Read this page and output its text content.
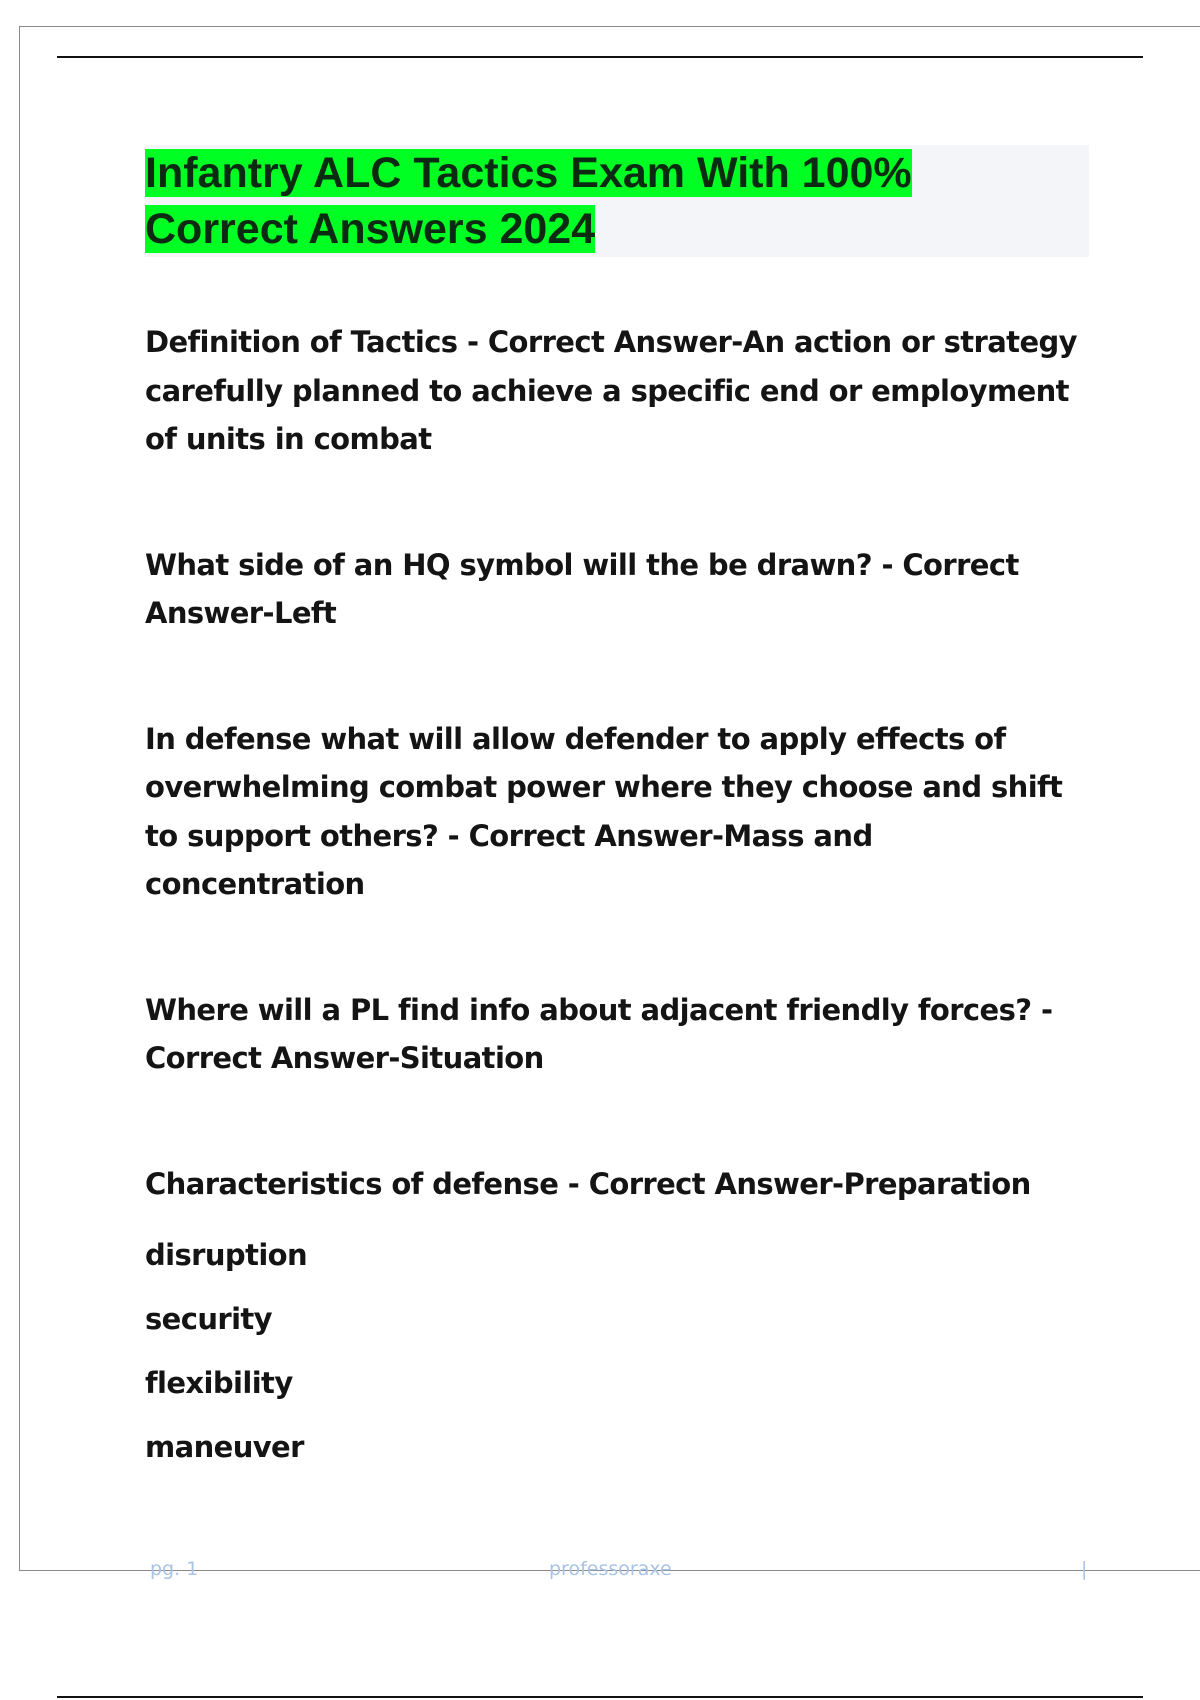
Infantry ALC Tactics Exam With 100%
Correct Answers 2024

Definition of Tactics - Correct Answer-An action or strategy carefully planned to achieve a specific end or employment of units in combat

What side of an HQ symbol will the be drawn? - Correct Answer-Left

In defense what will allow defender to apply effects of overwhelming combat power where they choose and shift to support others? - Correct Answer-Mass and concentration

Where will a PL find info about adjacent friendly forces? - Correct Answer-Situation

Characteristics of defense - Correct Answer-Preparation

disruption
security
flexibility
maneuver
pg. 1	professoraxe	|
